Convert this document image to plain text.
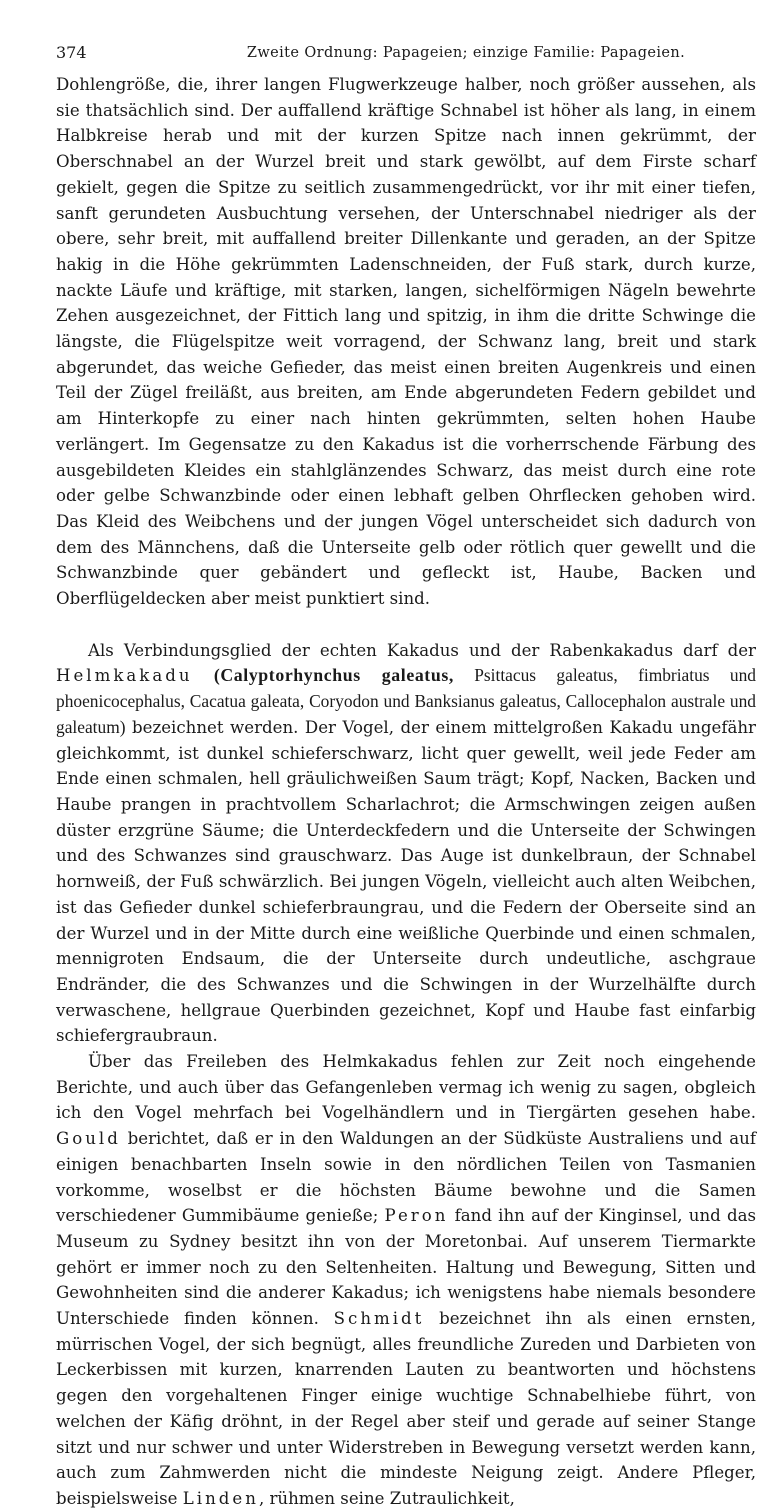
374	Zweite Ordnung: Papageien; einzige Familie: Papageien.

Dohlengröße, die, ihrer langen Flugwerkzeuge halber, noch größer aussehen, als sie thatsächlich sind. Der auffallend kräftige Schnabel ist höher als lang, in einem Halbkreise herab und mit der kurzen Spitze nach innen gekrümmt, der Oberschnabel an der Wurzel breit und stark gewölbt, auf dem Firste scharf gekielt, gegen die Spitze zu seitlich zusammengedrückt, vor ihr mit einer tiefen, sanft gerundeten Ausbuchtung versehen, der Unterschnabel niedriger als der obere, sehr breit, mit auffallend breiter Dillenkante und geraden, an der Spitze hakig in die Höhe gekrümmten Ladenschneiden, der Fuß stark, durch kurze, nackte Läufe und kräftige, mit starken, langen, sichelförmigen Nägeln bewehrte Zehen ausgezeichnet, der Fittich lang und spitzig, in ihm die dritte Schwinge die längste, die Flügelspitze weit vorragend, der Schwanz lang, breit und stark abgerundet, das weiche Gefieder, das meist einen breiten Augenkreis und einen Teil der Zügel freiläßt, aus breiten, am Ende abgerundeten Federn gebildet und am Hinterkopfe zu einer nach hinten gekrümmten, selten hohen Haube verlängert. Im Gegensatze zu den Kakadus ist die vorherrschende Färbung des ausgebildeten Kleides ein stahlglänzendes Schwarz, das meist durch eine rote oder gelbe Schwanzbinde oder einen lebhaft gelben Ohrflecken gehoben wird. Das Kleid des Weibchens und der jungen Vögel unterscheidet sich dadurch von dem des Männchens, daß die Unterseite gelb oder rötlich quer gewellt und die Schwanzbinde quer gebändert und gefleckt ist, Haube, Backen und Oberflügeldecken aber meist punktiert sind.

Als Verbindungsglied der echten Kakadus und der Rabenkakadus darf der Helmkakadu (Calyptorhynchus galeatus, Psittacus galeatus, fimbriatus und phoenicocephalus, Cacatua galeata, Coryodon und Banksianus galeatus, Callocephalon australe und galeatum) bezeichnet werden. Der Vogel, der einem mittelgroßen Kakadu ungefähr gleichkommt, ist dunkel schieferschwarz, licht quer gewellt, weil jede Feder am Ende einen schmalen, hell gräulichweißen Saum trägt; Kopf, Nacken, Backen und Haube prangen in prachtvollem Scharlachrot; die Armschwingen zeigen außen düster erzgrüne Säume; die Unterdeckfedern und die Unterseite der Schwingen und des Schwanzes sind grauschwarz. Das Auge ist dunkelbraun, der Schnabel hornweiß, der Fuß schwärzlich. Bei jungen Vögeln, vielleicht auch alten Weibchen, ist das Gefieder dunkel schieferbraungrau, und die Federn der Oberseite sind an der Wurzel und in der Mitte durch eine weißliche Querbinde und einen schmalen, mennigroten Endsaum, die der Unterseite durch undeutliche, aschgraue Endränder, die des Schwanzes und die Schwingen in der Wurzelhälfte durch verwaschene, hellgraue Querbinden gezeichnet, Kopf und Haube fast einfarbig schiefergraubraun.

Über das Freileben des Helmkakadus fehlen zur Zeit noch eingehende Berichte, und auch über das Gefangenleben vermag ich wenig zu sagen, obgleich ich den Vogel mehrfach bei Vogelhändlern und in Tiergärten gesehen habe. Gould berichtet, daß er in den Waldungen an der Südküste Australiens und auf einigen benachbarten Inseln sowie in den nördlichen Teilen von Tasmanien vorkomme, woselbst er die höchsten Bäume bewohne und die Samen verschiedener Gummibäume genieße; Peron fand ihn auf der Kinginsel, und das Museum zu Sydney besitzt ihn von der Moretonbai. Auf unserem Tiermarkte gehört er immer noch zu den Seltenheiten. Haltung und Bewegung, Sitten und Gewohnheiten sind die anderer Kakadus; ich wenigstens habe niemals besondere Unterschiede finden können. Schmidt bezeichnet ihn als einen ernsten, mürrischen Vogel, der sich begnügt, alles freundliche Zureden und Darbieten von Leckerbissen mit kurzen, knarrenden Lauten zu beantworten und höchstens gegen den vorgehaltenen Finger einige wuchtige Schnabelhiebe führt, von welchen der Käfig dröhnt, in der Regel aber steif und gerade auf seiner Stange sitzt und nur schwer und unter Widerstreben in Bewegung versetzt werden kann, auch zum Zahmwerden nicht die mindeste Neigung zeigt. Andere Pfleger, beispielsweise Linden, rühmen seine Zutraulichkeit,
